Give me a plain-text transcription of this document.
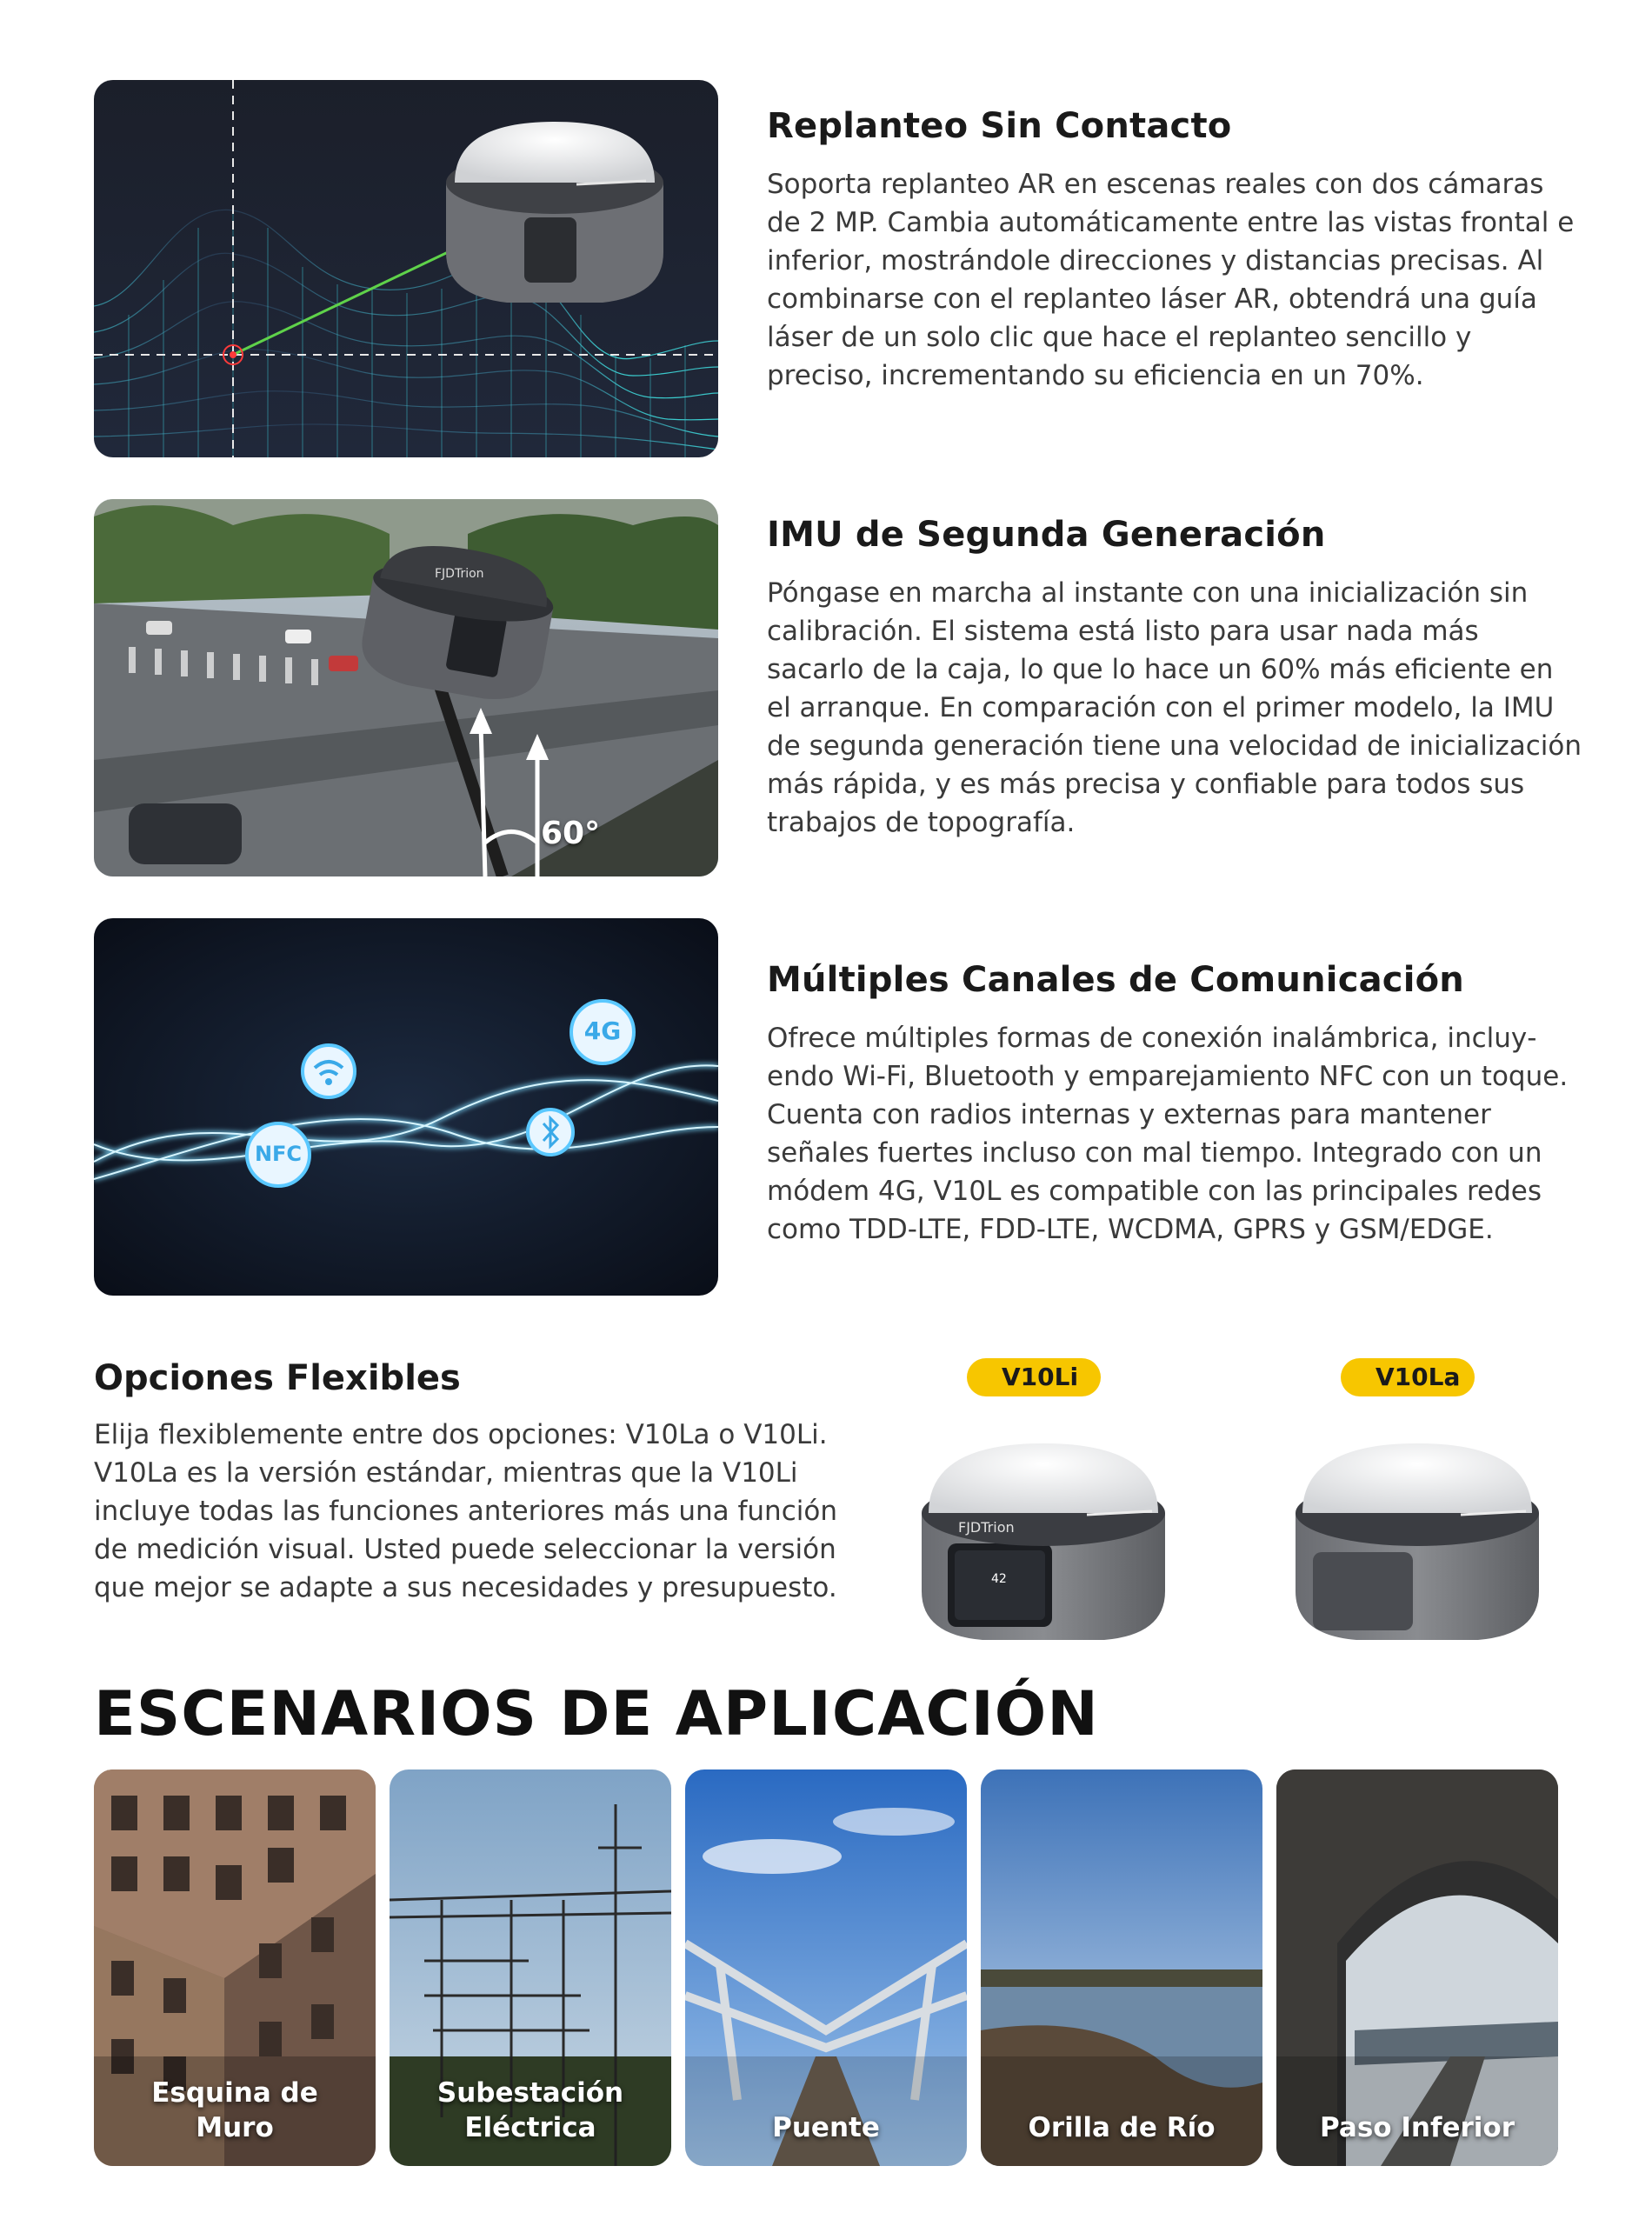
Replanteo Sin Contacto
Soporta replanteo AR en escenas reales con dos cámaras de 2 MP. Cambia automáticamente entre las vistas frontal e inferior, mostrándole direcciones y distancias precisas. Al combinarse con el replanteo láser AR, obtendrá una guía láser de un solo clic que hace el replanteo sencillo y preciso, incrementando su eficiencia en un 70%.
FJDTrion
60°
IMU de Segunda Generación
Póngase en marcha al instante con una inicialización sin calibración. El sistema está listo para usar nada más sacarlo de la caja, lo que lo hace un 60% más eficiente en el arranque. En comparación con el primer modelo, la IMU de segunda generación tiene una velocidad de inicialización más rápida, y es más precisa y confiable para todos sus trabajos de topografía.
4G
NFC
Múltiples Canales de Comunicación
Ofrece múltiples formas de conexión inalámbrica, incluyendo Wi-Fi, Bluetooth y emparejamiento NFC con un toque. Cuenta con radios internas y externas para mantener señales fuertes incluso con mal tiempo. Integrado con un módem 4G, V10L es compatible con las principales redes como TDD-LTE, FDD-LTE, WCDMA, GPRS y GSM/EDGE.
Opciones Flexibles
Elija flexiblemente entre dos opciones: V10La o V10Li. V10La es la versión estándar, mientras que la V10Li incluye todas las funciones anteriores más una función de medición visual. Usted puede seleccionar la versión que mejor se adapte a sus necesidades y presupuesto.
V10Li	V10La
42
FJDTrion
ESCENARIOS DE APLICACIÓN
Esquina de Muro
Subestación Eléctrica	Puente	Orilla de Río	Paso Inferior
